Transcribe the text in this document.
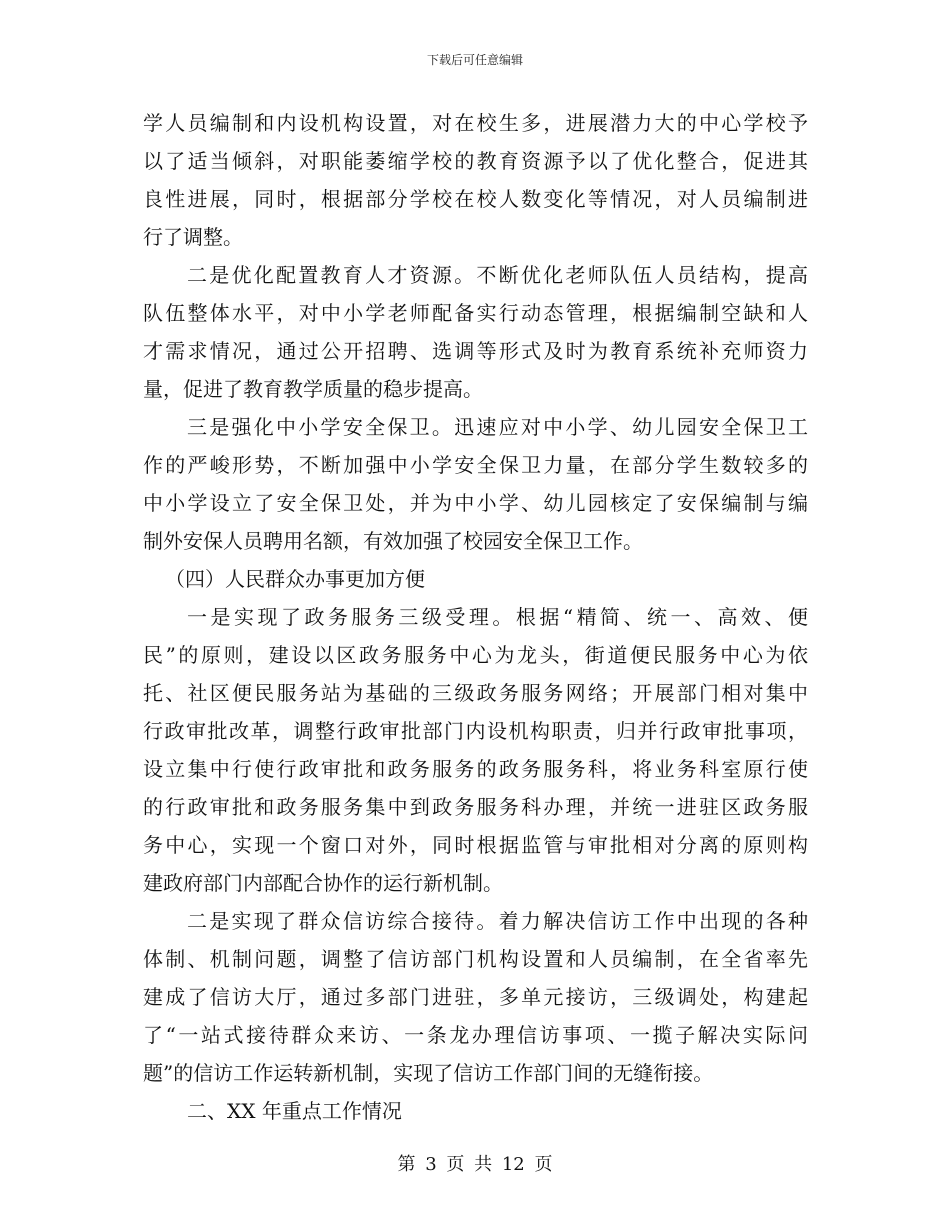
下载后可任意编辑
学人员编制和内设机构设置，对在校生多，进展潜力大的中心学校予
以了适当倾斜，对职能萎缩学校的教育资源予以了优化整合，促进其
良性进展，同时，根据部分学校在校人数变化等情况，对人员编制进
行了调整。
二是优化配置教育人才资源。不断优化老师队伍人员结构，提高
队伍整体水平，对中小学老师配备实行动态管理，根据编制空缺和人
才需求情况，通过公开招聘、选调等形式及时为教育系统补充师资力
量，促进了教育教学质量的稳步提高。
三是强化中小学安全保卫。迅速应对中小学、幼儿园安全保卫工
作的严峻形势，不断加强中小学安全保卫力量，在部分学生数较多的
中小学设立了安全保卫处，并为中小学、幼儿园核定了安保编制与编
制外安保人员聘用名额，有效加强了校园安全保卫工作。
（四）人民群众办事更加方便
一是实现了政务服务三级受理。根据“精简、统一、高效、便
民”的原则，建设以区政务服务中心为龙头，街道便民服务中心为依
托、社区便民服务站为基础的三级政务服务网络；开展部门相对集中
行政审批改革，调整行政审批部门内设机构职责，归并行政审批事项，
设立集中行使行政审批和政务服务的政务服务科，将业务科室原行使
的行政审批和政务服务集中到政务服务科办理，并统一进驻区政务服
务中心，实现一个窗口对外，同时根据监管与审批相对分离的原则构
建政府部门内部配合协作的运行新机制。
二是实现了群众信访综合接待。着力解决信访工作中出现的各种
体制、机制问题，调整了信访部门机构设置和人员编制，在全省率先
建成了信访大厅，通过多部门进驻，多单元接访，三级调处，构建起
了“一站式接待群众来访、一条龙办理信访事项、一揽子解决实际问
题”的信访工作运转新机制，实现了信访工作部门间的无缝衔接。
二、XX 年重点工作情况
第 3 页 共 12 页
